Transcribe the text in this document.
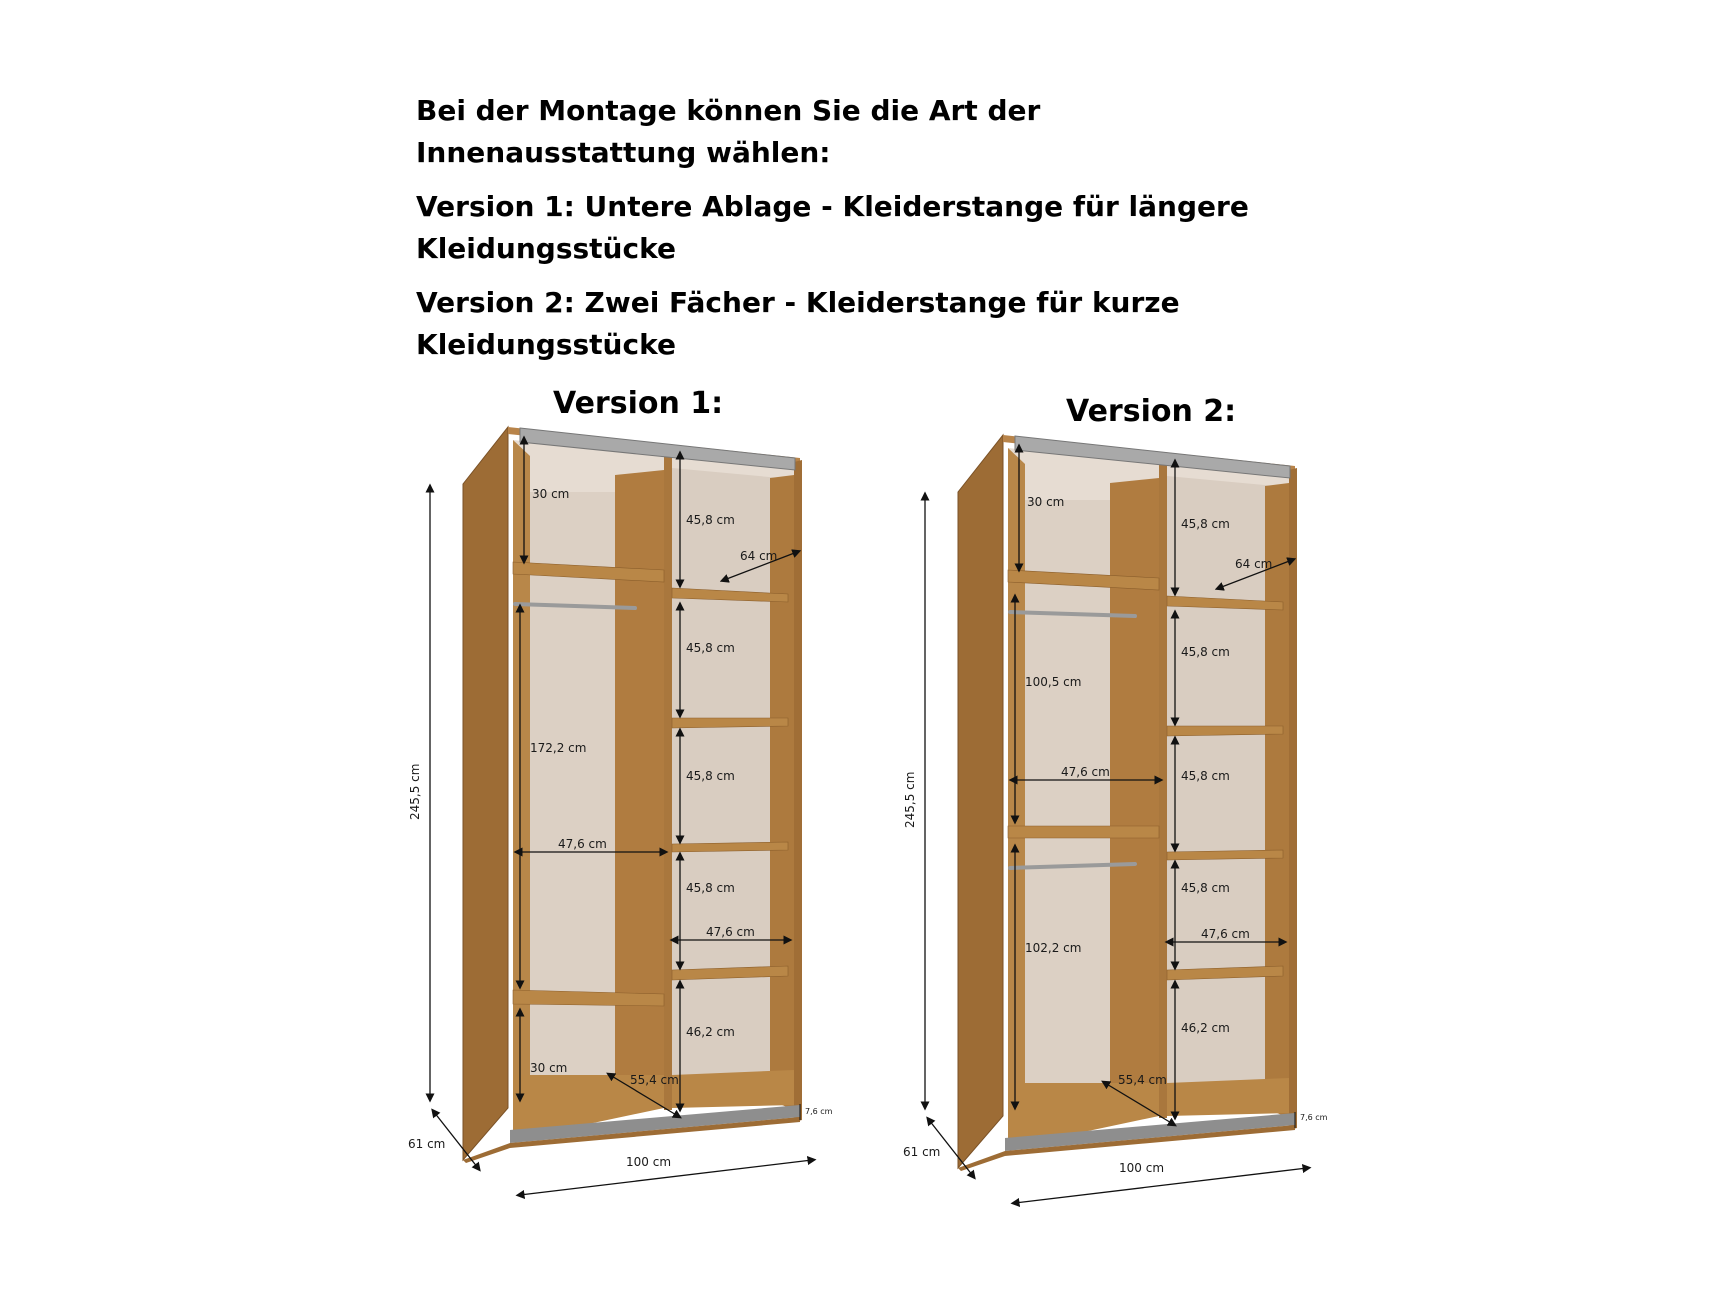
Bei der Montage können Sie die Art der Innenausstattung wählen:

Version 1: Untere Ablage - Kleiderstange für längere Kleidungsstücke

Version 2: Zwei Fächer - Kleiderstange für kurze Kleidungsstücke

Version 1:	Version 2:
245,5 cm
61 cm
100 cm
7,6 cm
30 cm
172,2 cm
47,6 cm
30 cm
55,4 cm
64 cm
45,8 cm
45,8 cm
45,8 cm
45,8 cm
47,6 cm
46,2 cm
245,5 cm
61 cm
100 cm
7,6 cm
30 cm
100,5 cm
47,6 cm
102,2 cm
55,4 cm
64 cm
45,8 cm
45,8 cm
45,8 cm
45,8 cm
47,6 cm
46,2 cm
